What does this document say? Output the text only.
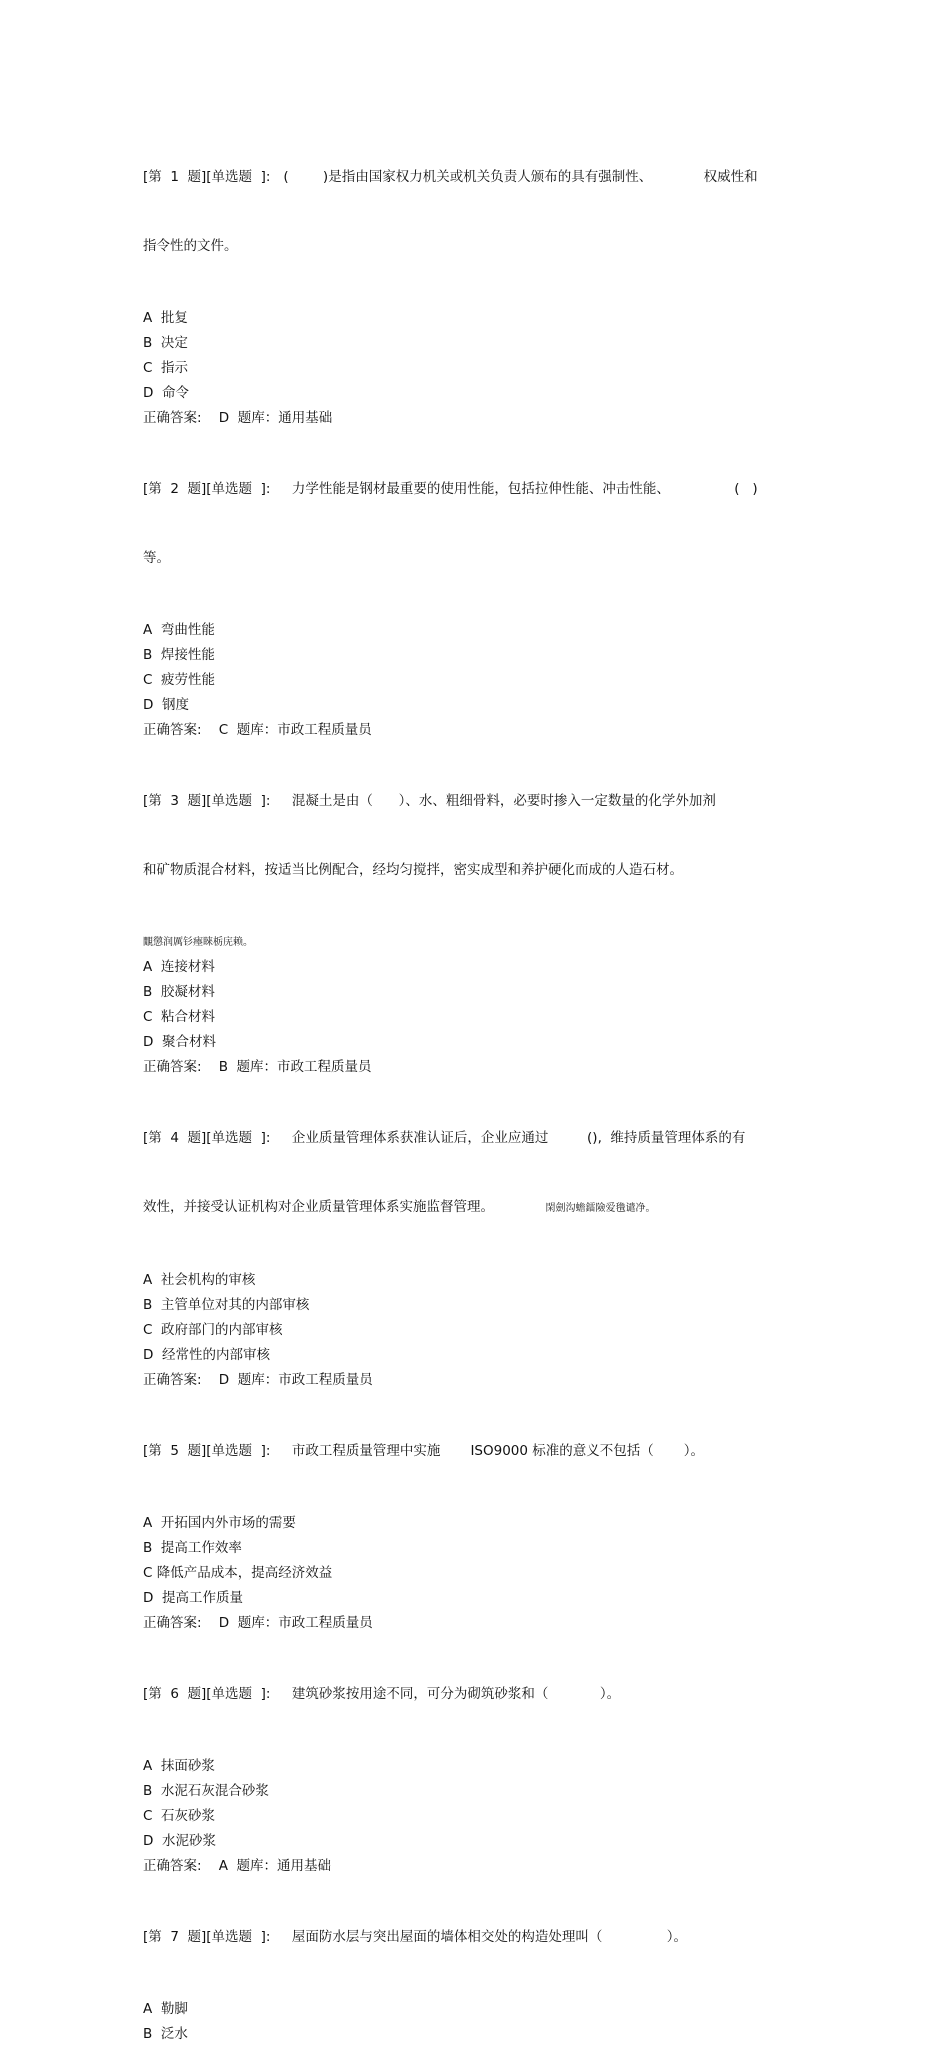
[第  1  题][单选题  ]:   (        )是指由国家权力机关或机关负责人颁布的具有强制性、            权威性和

指令性的文件。

A  批复
B  决定
C  指示
D  命令
正确答案:    D  题库：通用基础

[第  2  题][单选题  ]:     力学性能是钢材最重要的使用性能，包括拉伸性能、冲击性能、               (   )

等。

A  弯曲性能
B  焊接性能
C  疲劳性能
D  钢度
正确答案:    C  题库：市政工程质量员

[第  3  题][单选题  ]:     混凝土是由（      ）、水、粗细骨料，必要时掺入一定数量的化学外加剂

和矿物质混合材料，按适当比例配合，经均匀搅拌，密实成型和养护硬化而成的人造石材。

覵懲润厲钐瘞睞栃庑赖。
A  连接材料
B  胶凝材料
C  粘合材料
D  聚合材料
正确答案:    B  题库：市政工程质量员

[第  4  题][单选题  ]:     企业质量管理体系获准认证后，企业应通过         (),  维持质量管理体系的有

效性，并接受认证机构对企业质量管理体系实施监督管理。            閑劍沟蟾鐳險爱氇谴净。

A  社会机构的审核
B  主管单位对其的内部审核
C  政府部门的内部审核
D  经常性的内部审核
正确答案:    D  题库：市政工程质量员

[第  5  题][单选题  ]:     市政工程质量管理中实施       ISO9000 标准的意义不包括（       ）。

A  开拓国内外市场的需要
B  提高工作效率
C 降低产品成本，提高经济效益
D  提高工作质量
正确答案:    D  题库：市政工程质量员

[第  6  题][单选题  ]:     建筑砂浆按用途不同，可分为砌筑砂浆和（            ）。

A  抹面砂浆
B  水泥石灰混合砂浆
C  石灰砂浆
D  水泥砂浆
正确答案:    A  题库：通用基础

[第  7  题][单选题  ]:     屋面防水层与突出屋面的墙体相交处的构造处理叫（               ）。

A  勒脚
B  泛水
